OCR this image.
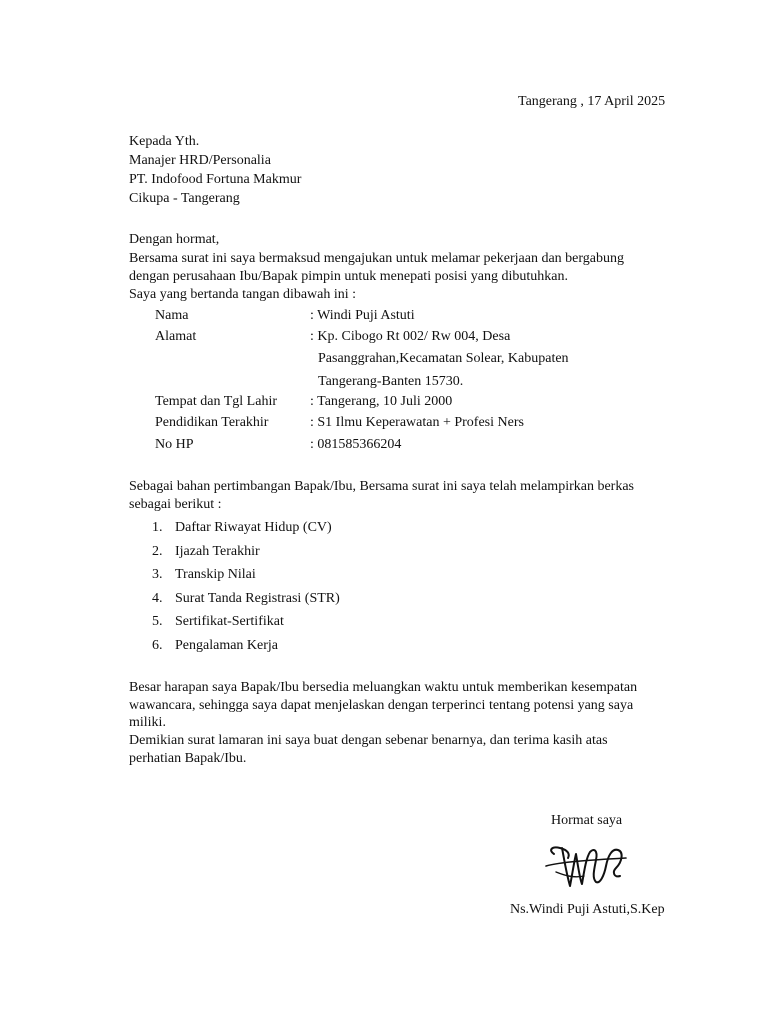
Tangerang , 17 April 2025
Kepada Yth.
Manajer HRD/Personalia
PT. Indofood Fortuna Makmur
Cikupa - Tangerang
Dengan hormat,
Bersama surat ini saya bermaksud mengajukan untuk melamar pekerjaan dan bergabung
dengan perusahaan Ibu/Bapak pimpin untuk menepati posisi yang dibutuhkan.
Saya yang bertanda tangan dibawah ini :
Nama	: Windi Puji Astuti
Alamat	: Kp. Cibogo Rt 002/ Rw 004, Desa
Pasanggrahan,Kecamatan Solear, Kabupaten
Tangerang-Banten 15730.
Tempat dan Tgl Lahir : Tangerang, 10 Juli 2000
Pendidikan Terakhir	: S1 Ilmu Keperawatan + Profesi Ners
No HP	: 081585366204
Sebagai bahan pertimbangan Bapak/Ibu, Bersama surat ini saya telah melampirkan berkas
sebagai berikut :
1. Daftar Riwayat Hidup (CV)
2. Ijazah Terakhir
3. Transkip Nilai
4. Surat Tanda Registrasi (STR)
5. Sertifikat-Sertifikat
6. Pengalaman Kerja
Besar harapan saya Bapak/Ibu bersedia meluangkan waktu untuk memberikan kesempatan
wawancara, sehingga saya dapat menjelaskan dengan terperinci tentang potensi yang saya
miliki.
Demikian surat lamaran ini saya buat dengan sebenar benarnya, dan terima kasih atas
perhatian Bapak/Ibu.
Hormat saya
Ns.Windi Puji Astuti,S.Kep
